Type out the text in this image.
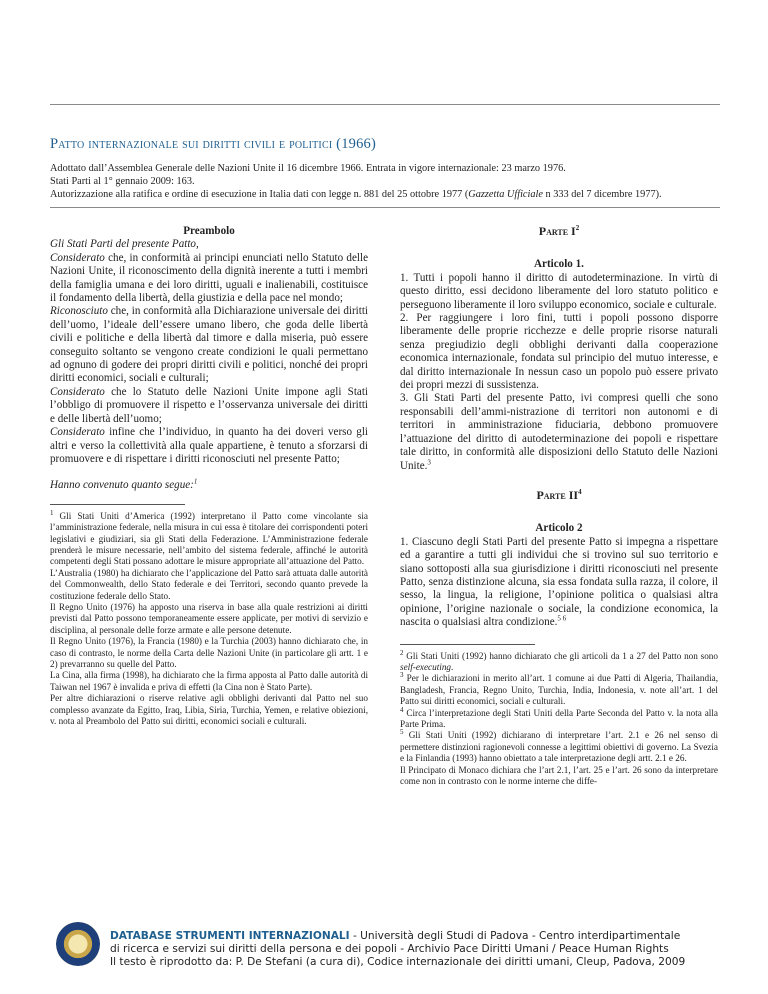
Patto internazionale sui diritti civili e politici (1966)

Adottato dall’Assemblea Generale delle Nazioni Unite il 16 dicembre 1966. Entrata in vigore internazionale: 23 marzo 1976.

Stati Parti al 1° gennaio 2009: 163.

Autorizzazione alla ratifica e ordine di esecuzione in Italia dati con legge n. 881 del 25 ottobre 1977 (Gazzetta Ufficiale n 333 del 7 dicembre 1977).

Preambolo

Gli Stati Parti del presente Patto,

Considerato che, in conformità ai principi enunciati nello Statuto delle Nazioni Unite, il riconoscimento della dignità inerente a tutti i membri della famiglia umana e dei loro diritti, uguali e inalienabili, costituisce il fondamento della libertà, della giustizia e della pace nel mondo;

Riconosciuto che, in conformità alla Dichiarazione universale dei diritti dell’uomo, l’ideale dell’essere umano libero, che goda delle libertà civili e politiche e della libertà dal timore e dalla miseria, può essere conseguito soltanto se vengono create condizioni le quali permettano ad ognuno di godere dei propri diritti civili e politici, nonché dei propri diritti economici, sociali e culturali;

Considerato che lo Statuto delle Nazioni Unite impone agli Stati l’obbligo di promuovere il rispetto e l’osservanza universale dei diritti e delle libertà dell’uomo;

Considerato infine che l’individuo, in quanto ha dei doveri verso gli altri e verso la collettività alla quale appartiene, è tenuto a sforzarsi di promuovere e di rispettare i diritti riconosciuti nel presente Patto;

Hanno convenuto quanto segue:$^1$

$^1$ Gli Stati Uniti d’America (1992) interpretano il Patto come vincolante sia l’amministrazione federale, nella misura in cui essa è titolare dei corrispondenti poteri legislativi e giudiziari, sia gli Stati della Federazione. L’Amministrazione federale prenderà le misure necessarie, nell’ambito del sistema federale, affinché le autorità competenti degli Stati possano adottare le misure appropriate all’attuazione del Patto.

L’Australia (1980) ha dichiarato che l’applicazione del Patto sarà attuata dalle autorità del Commonwealth, dello Stato federale e dei Territori, secondo quanto prevede la costituzione federale dello Stato.

Il Regno Unito (1976) ha apposto una riserva in base alla quale restrizioni ai diritti previsti dal Patto possono temporaneamente essere applicate, per motivi di servizio e disciplina, al personale delle forze armate e alle persone detenute.

Il Regno Unito (1976), la Francia (1980) e la Turchia (2003) hanno dichiarato che, in caso di contrasto, le norme della Carta delle Nazioni Unite (in particolare gli artt. 1 e 2) prevarranno su quelle del Patto.

La Cina, alla firma (1998), ha dichiarato che la firma apposta al Patto dalle autorità di Taiwan nel 1967 è invalida e priva di effetti (la Cina non è Stato Parte).

Per altre dichiarazioni o riserve relative agli obblighi derivanti dal Patto nel suo complesso avanzate da Egitto, Iraq, Libia, Siria, Turchia, Yemen, e relative obiezioni, v. nota al Preambolo del Patto sui diritti, economici sociali e culturali.

Parte $I^2$

Articolo 1.

1. Tutti i popoli hanno il diritto di autodeterminazione. In virtù di questo diritto, essi decidono liberamente del loro statuto politico e perseguono liberamente il loro sviluppo economico, sociale e culturale.

2. Per raggiungere i loro fini, tutti i popoli possono disporre liberamente delle proprie ricchezze e delle proprie risorse naturali senza pregiudizio degli obblighi derivanti dalla cooperazione economica internazionale, fondata sul principio del mutuo interesse, e dal diritto internazionale In nessun caso un popolo può essere privato dei propri mezzi di sussistenza.

3. Gli Stati Parti del presente Patto, ivi compresi quelli che sono responsabili dell’ammi-nistrazione di territori non autonomi e di territori in amministrazione fiduciaria, debbono promuovere l’attuazione del diritto di autodeterminazione dei popoli e rispettare tale diritto, in conformità alle disposizioni dello Statuto delle Nazioni Unite.$^3$

Parte $II^4$

Articolo 2

1. Ciascuno degli Stati Parti del presente Patto si impegna a rispettare ed a garantire a tutti gli individui che si trovino sul suo territorio e siano sottoposti alla sua giurisdizione i diritti riconosciuti nel presente Patto, senza distinzione alcuna, sia essa fondata sulla razza, il colore, il sesso, la lingua, la religione, l’opinione politica o qualsiasi altra opinione, l’origine nazionale o sociale, la condizione economica, la nascita o qualsiasi altra condizione.$^{5 6}$

$^2$ Gli Stati Uniti (1992) hanno dichiarato che gli articoli da 1 a 27 del Patto non sono self-executing.

$^3$ Per le dichiarazioni in merito all’art. 1 comune ai due Patti di Algeria, Thailandia, Bangladesh, Francia, Regno Unito, Turchia, India, Indonesia, v. note all’art. 1 del Patto sui diritti economici, sociali e culturali.

$^4$ Circa l’interpretazione degli Stati Uniti della Parte Seconda del Patto v. la nota alla Parte Prima.

$^5$ Gli Stati Uniti (1992) dichiarano di interpretare l’art. 2.1 e 26 nel senso di permettere distinzioni ragionevoli connesse a legittimi obiettivi di governo. La Svezia e la Finlandia (1993) hanno obiettato a tale interpretazione degli artt. 2.1 e 26.

Il Principato di Monaco dichiara che l’art 2.1, l’art. 25 e l’art. 26 sono da interpretare come non in contrasto con le norme interne che diffe-

DATABASE STRUMENTI INTERNAZIONALI - Università degli Studi di Padova - Centro interdipartimentale

di ricerca e servizi sui diritti della persona e dei popoli - Archivio Pace Diritti Umani / Peace Human Rights

Il testo è riprodotto da: P. De Stefani (a cura di), Codice internazionale dei diritti umani, Cleup, Padova, 2009
